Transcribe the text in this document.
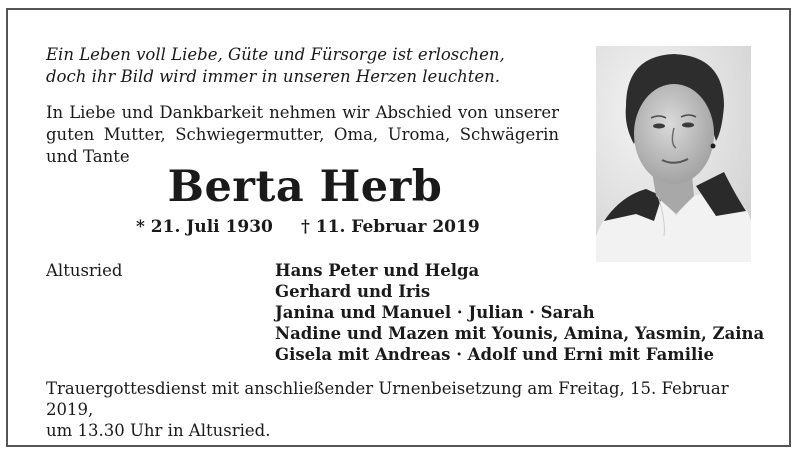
Ein Leben voll Liebe, Güte und Fürsorge ist erloschen,
doch ihr Bild wird immer in unseren Herzen leuchten.
In Liebe und Dankbarkeit nehmen wir Abschied von unserer
guten Mutter, Schwiegermutter, Oma, Uroma, Schwägerin
und Tante
Berta Herb
* 21. Juli 1930 † 11. Februar 2019
Altusried	Hans Peter und Helga
Gerhard und Iris
Janina und Manuel · Julian · Sarah
Nadine und Mazen mit Younis, Amina, Yasmin, Zaina
Gisela mit Andreas · Adolf und Erni mit Familie
Trauergottesdienst mit anschließender Urnenbeisetzung am Freitag, 15. Februar 2019,
um 13.30 Uhr in Altusried.
